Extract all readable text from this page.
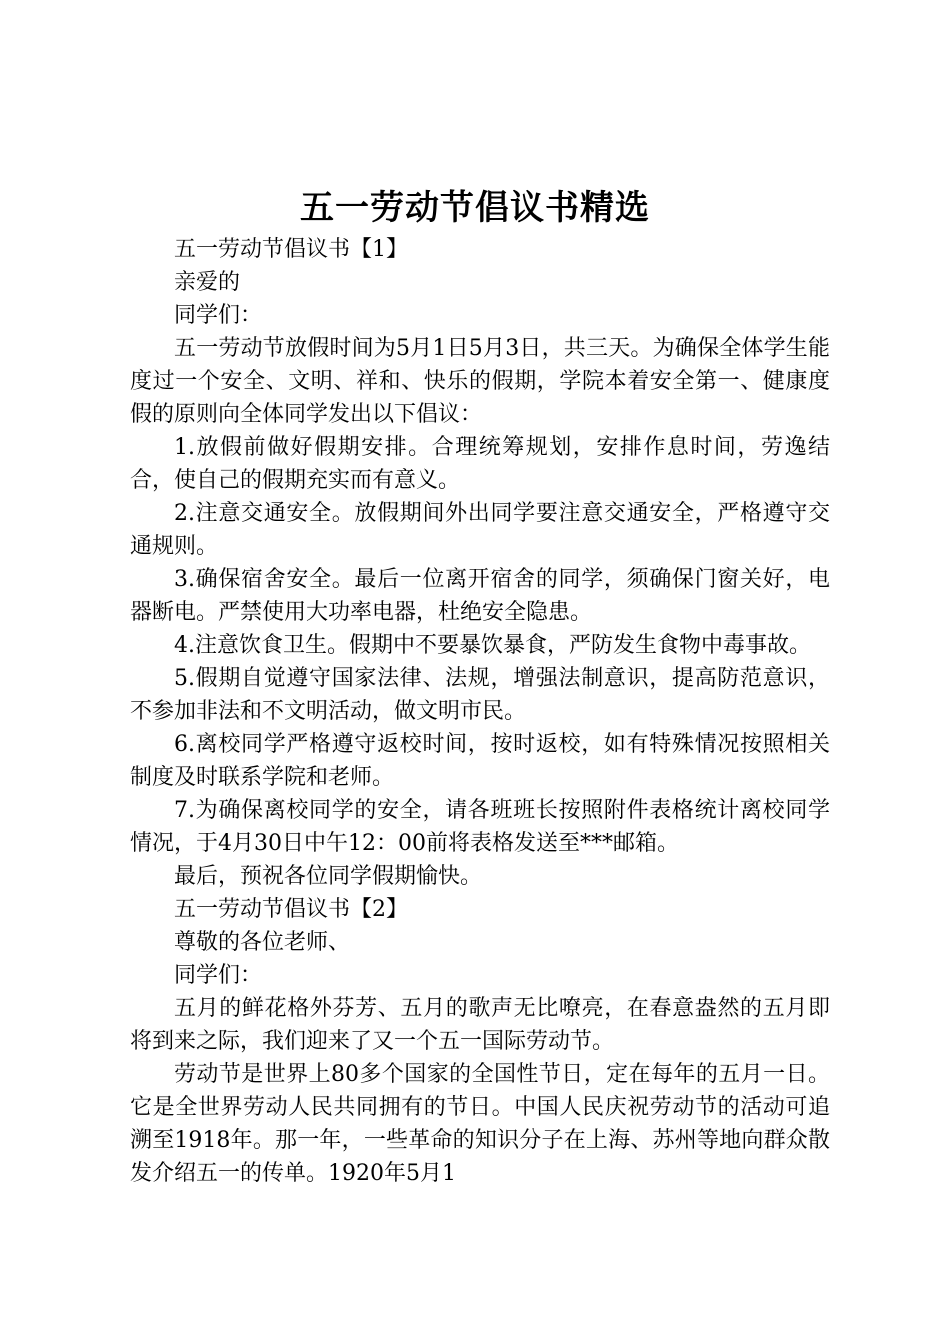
五一劳动节倡议书精选

五一劳动节倡议书【1】

亲爱的

同学们：

五一劳动节放假时间为5月1日5月3日，共三天。为确保全体学生能度过一个安全、文明、祥和、快乐的假期，学院本着安全第一、健康度假的原则向全体同学发出以下倡议：

1.放假前做好假期安排。合理统筹规划，安排作息时间，劳逸结合，使自己的假期充实而有意义。

2.注意交通安全。放假期间外出同学要注意交通安全，严格遵守交通规则。

3.确保宿舍安全。最后一位离开宿舍的同学，须确保门窗关好，电器断电。严禁使用大功率电器，杜绝安全隐患。

4.注意饮食卫生。假期中不要暴饮暴食，严防发生食物中毒事故。

5.假期自觉遵守国家法律、法规，增强法制意识，提高防范意识，不参加非法和不文明活动，做文明市民。

6.离校同学严格遵守返校时间，按时返校，如有特殊情况按照相关制度及时联系学院和老师。

7.为确保离校同学的安全，请各班班长按照附件表格统计离校同学情况，于4月30日中午12：00前将表格发送至***邮箱。

最后，预祝各位同学假期愉快。

五一劳动节倡议书【2】

尊敬的各位老师、

同学们：

五月的鲜花格外芬芳、五月的歌声无比嘹亮，在春意盎然的五月即将到来之际，我们迎来了又一个五一国际劳动节。

劳动节是世界上80多个国家的全国性节日，定在每年的五月一日。它是全世界劳动人民共同拥有的节日。中国人民庆祝劳动节的活动可追溯至1918年。那一年，一些革命的知识分子在上海、苏州等地向群众散发介绍五一的传单。1920年5月1
